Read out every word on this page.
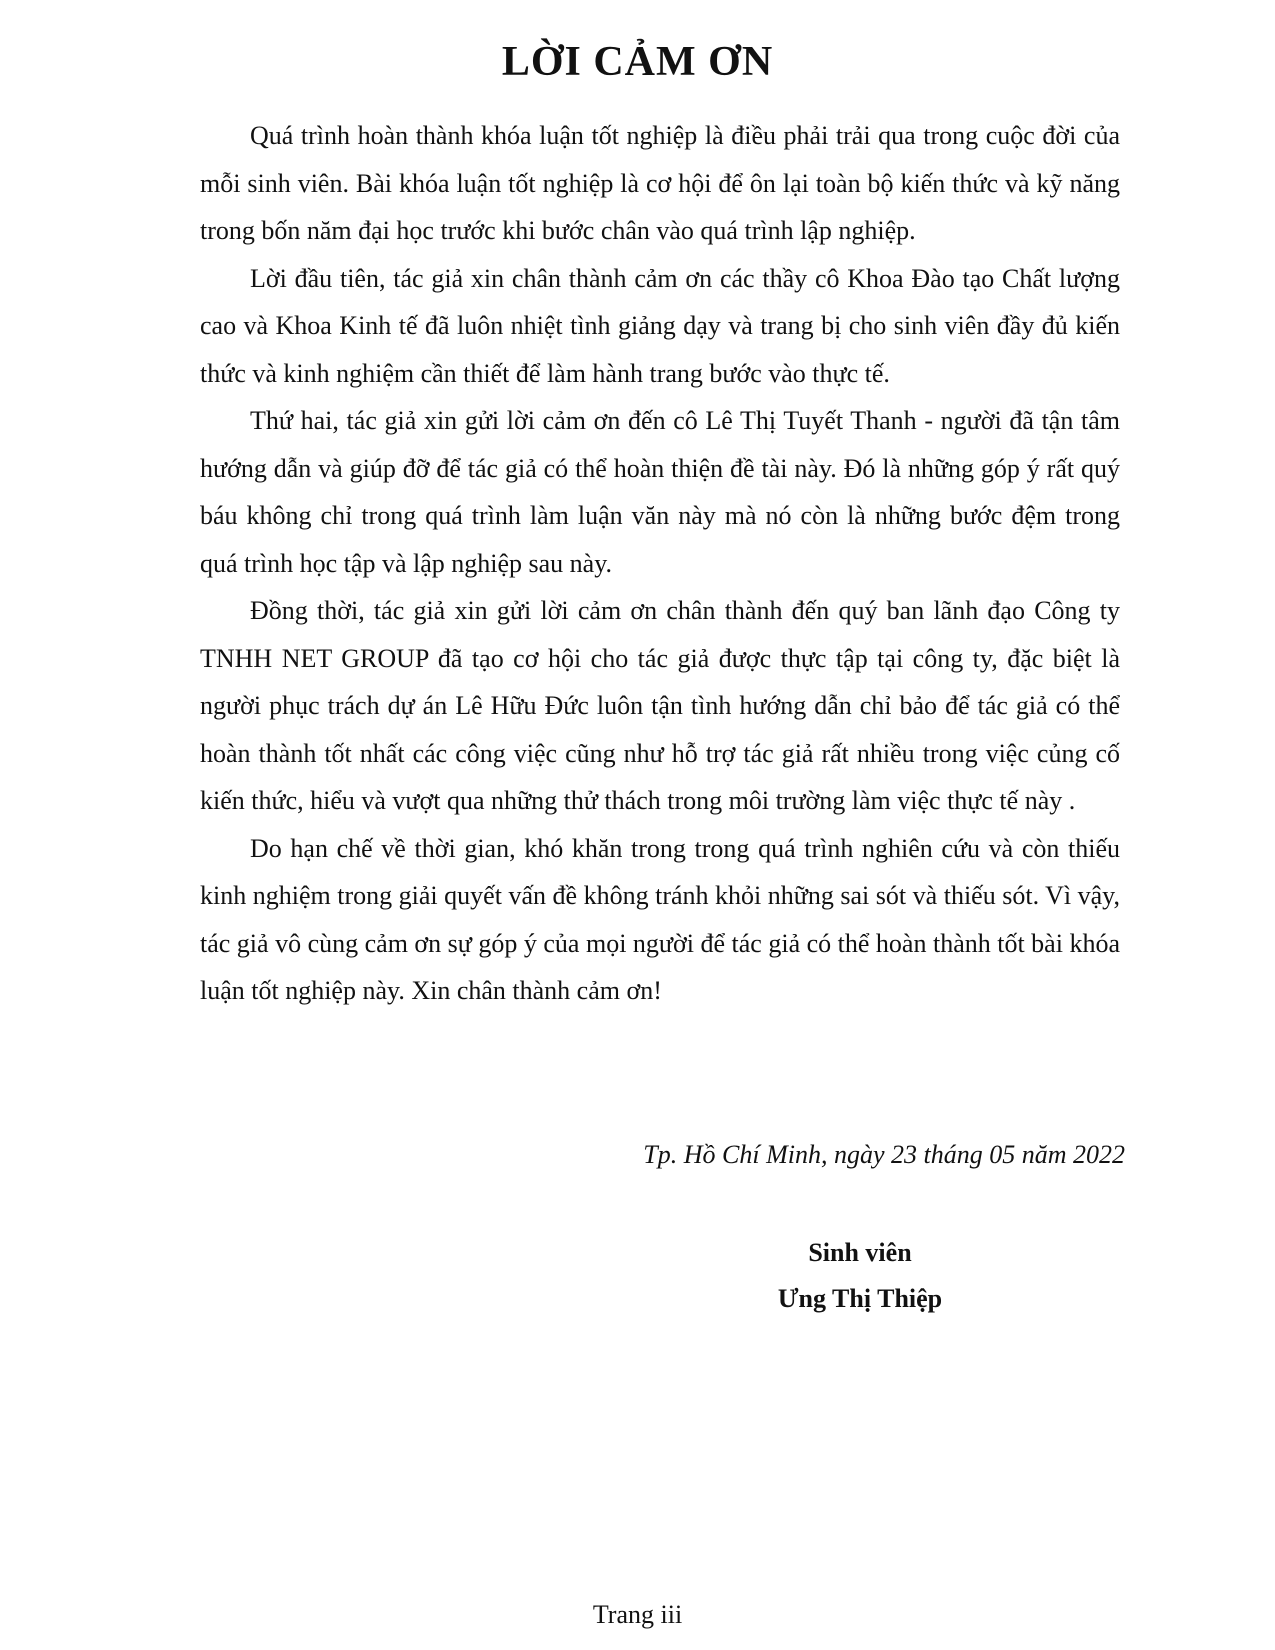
LỜI CẢM ƠN

Quá trình hoàn thành khóa luận tốt nghiệp là điều phải trải qua trong cuộc đời của mỗi sinh viên. Bài khóa luận tốt nghiệp là cơ hội để ôn lại toàn bộ kiến thức và kỹ năng trong bốn năm đại học trước khi bước chân vào quá trình lập nghiệp.

Lời đầu tiên, tác giả xin chân thành cảm ơn các thầy cô Khoa Đào tạo Chất lượng cao và Khoa Kinh tế đã luôn nhiệt tình giảng dạy và trang bị cho sinh viên đầy đủ kiến thức và kinh nghiệm cần thiết để làm hành trang bước vào thực tế.

Thứ hai, tác giả xin gửi lời cảm ơn đến cô Lê Thị Tuyết Thanh - người đã tận tâm hướng dẫn và giúp đỡ để tác giả có thể hoàn thiện đề tài này. Đó là những góp ý rất quý báu không chỉ trong quá trình làm luận văn này mà nó còn là những bước đệm trong quá trình học tập và lập nghiệp sau này.

Đồng thời, tác giả xin gửi lời cảm ơn chân thành đến quý ban lãnh đạo Công ty TNHH NET GROUP đã tạo cơ hội cho tác giả được thực tập tại công ty, đặc biệt là người phục trách dự án Lê Hữu Đức luôn tận tình hướng dẫn chỉ bảo để tác giả có thể hoàn thành tốt nhất các công việc cũng như hỗ trợ tác giả rất nhiều trong việc củng cố kiến thức, hiểu và vượt qua những thử thách trong môi trường làm việc thực tế này .

Do hạn chế về thời gian, khó khăn trong trong quá trình nghiên cứu và còn thiếu kinh nghiệm trong giải quyết vấn đề không tránh khỏi những sai sót và thiếu sót. Vì vậy, tác giả vô cùng cảm ơn sự góp ý của mọi người để tác giả có thể hoàn thành tốt bài khóa luận tốt nghiệp này. Xin chân thành cảm ơn!

Tp. Hồ Chí Minh, ngày 23 tháng 05 năm 2022

Sinh viên

Ưng Thị Thiệp

Trang iii
